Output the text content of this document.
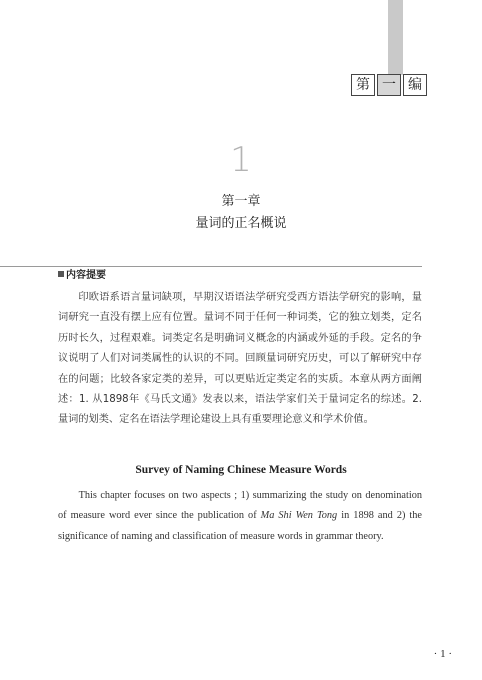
第 一 编
1
第一章
量词的正名概说
内容提要

印欧语系语言量词缺项，早期汉语语法学研究受西方语法学研究的影响，量词研究一直没有摆上应有位置。量词不同于任何一种词类，它的独立划类，定名历时长久，过程艰难。词类定名是明确词义概念的内涵或外延的手段。定名的争议说明了人们对词类属性的认识的不同。回顾量词研究历史，可以了解研究中存在的问题；比较各家定类的差异，可以更贴近定类定名的实质。本章从两方面阐述：1. 从1898年《马氏文通》发表以来，语法学家们关于量词定名的综述。2. 量词的划类、定名在语法学理论建设上具有重要理论意义和学术价值。

Survey of Naming Chinese Measure Words

This chapter focuses on two aspects ; 1) summarizing the study on denomination of measure word ever since the publication of Ma Shi Wen Tong in 1898 and 2) the significance of naming and classification of measure words in grammar theory.

· 1 ·
